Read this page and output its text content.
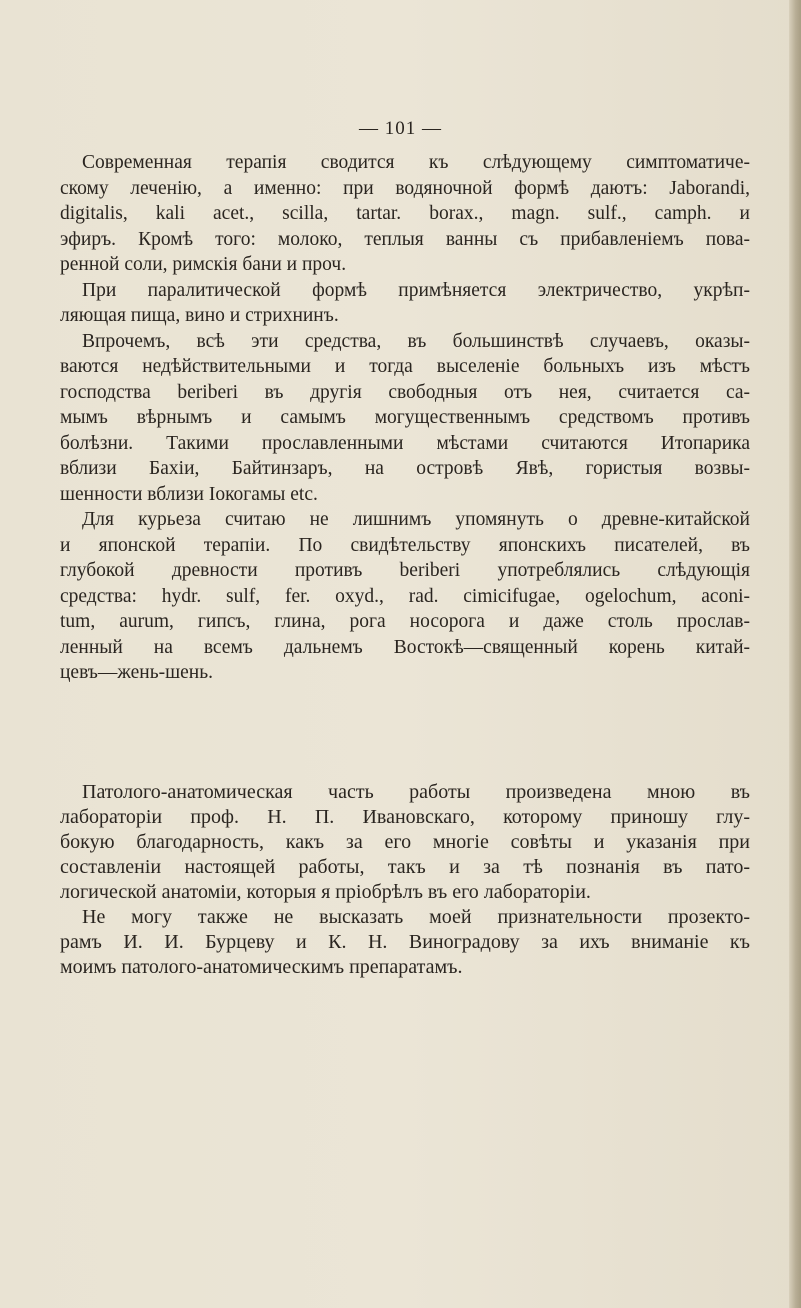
— 101 —
Современная терапія сводится къ слѣдующему симптоматиче-
скому леченію, а именно: при водяночной формѣ даютъ: Jaborandi,
digitalis, kali acet., scilla, tartar. borax., magn. sulf., camph. и
эфиръ. Кромѣ того: молоко, теплыя ванны съ прибавленіемъ пова-
ренной соли, римскія бани и проч.
При паралитической формѣ примѣняется электричество, укрѣп-
ляющая пища, вино и стрихнинъ.
Впрочемъ, всѣ эти средства, въ большинствѣ случаевъ, оказы-
ваются недѣйствительными и тогда выселеніе больныхъ изъ мѣстъ
господства beriberi въ другія свободныя отъ нея, считается са-
мымъ вѣрнымъ и самымъ могущественнымъ средствомъ противъ
болѣзни. Такими прославленными мѣстами считаются Итопарика
вблизи Бахіи, Байтинзаръ, на островѣ Явѣ, гористыя возвы-
шенности вблизи Іокогамы etc.
Для курьеза считаю не лишнимъ упомянуть о древне-китайской
и японской терапіи. По свидѣтельству японскихъ писателей, въ
глубокой древности противъ beriberi употреблялись слѣдующія
средства: hydr. sulf, fer. oxyd., rad. cimicifugae, ogelochum, aconi-
tum, aurum, гипсъ, глина, рога носорога и даже столь прослав-
ленный на всемъ дальнемъ Востокѣ—священный корень китай-
цевъ—жень-шень.
Патолого-анатомическая часть работы произведена мною въ
лабораторіи проф. Н. П. Ивановскаго, которому приношу глу-
бокую благодарность, какъ за его многіе совѣты и указанія при
составленіи настоящей работы, такъ и за тѣ познанія въ пато-
логической анатоміи, которыя я пріобрѣлъ въ его лабораторіи.
Не могу также не высказать моей признательности прозекто-
рамъ И. И. Бурцеву и К. Н. Виноградову за ихъ вниманіе къ
моимъ патолого-анатомическимъ препаратамъ.
